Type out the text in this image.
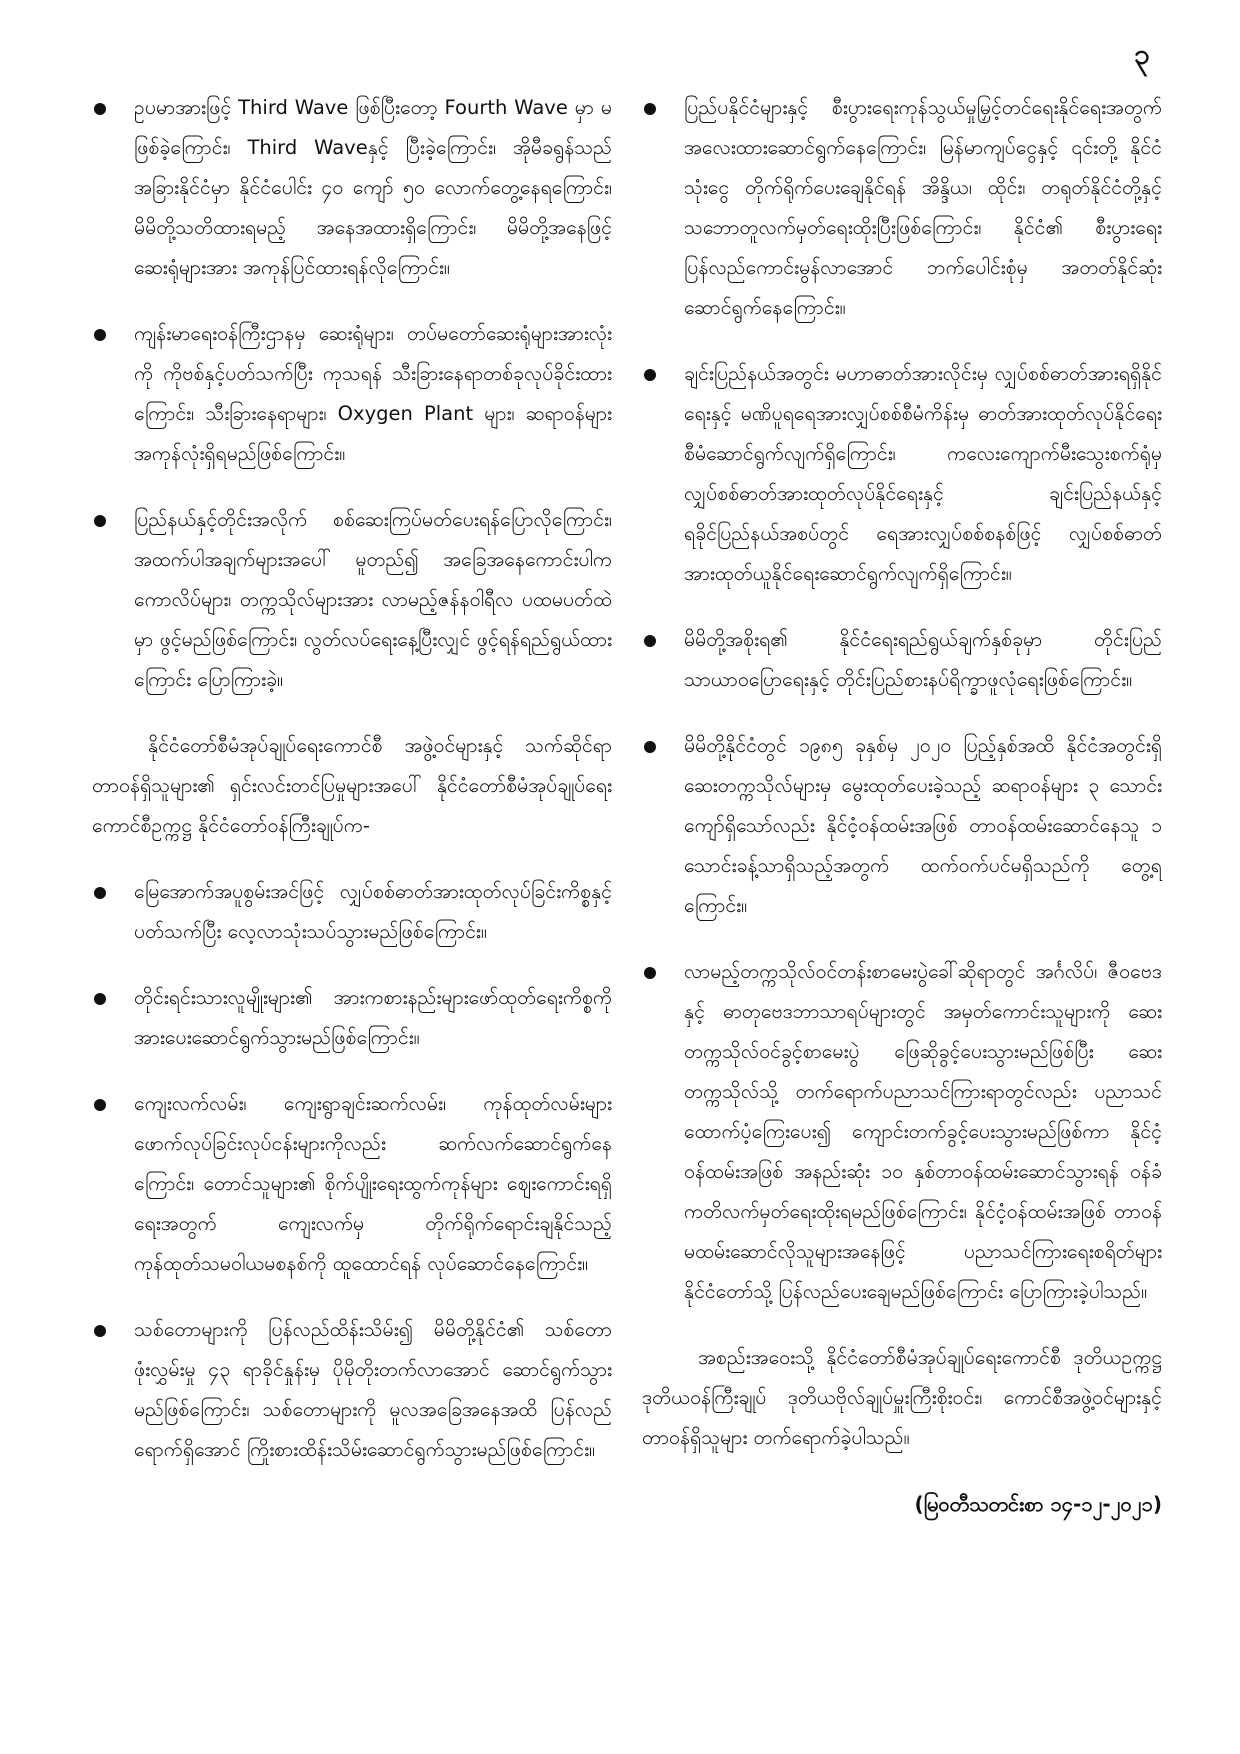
၃
ဥပမာအားဖြင့် Third Wave ဖြစ်ပြီးတော့ Fourth Wave မှာ မဖြစ်ခဲ့ကြောင်း၊ Third Waveနှင့် ပြီးခဲ့ကြောင်း၊ အိုမီခရွန်သည် အခြားနိုင်ငံမှာ နိုင်ငံပေါင်း ၄၀ ကျော် ၅၀ လောက်တွေ့နေရကြောင်း၊ မိမိတို့သတိထားရမည့် အနေအထားရှိကြောင်း၊ မိမိတို့အနေဖြင့် ဆေးရုံများအား အကုန်ပြင်ထားရန်လိုကြောင်း။
ကျန်းမာရေးဝန်ကြီးဌာနမှ ဆေးရုံများ၊ တပ်မတော်ဆေးရုံများအားလုံးကို ကိုဗစ်နှင့်ပတ်သက်ပြီး ကုသရန် သီးခြားနေရာတစ်ခုလုပ်ခိုင်းထားကြောင်း၊ သီးခြားနေရာများ၊ Oxygen Plant များ၊ ဆရာဝန်များ အကုန်လုံးရှိရမည်ဖြစ်ကြောင်း။
ပြည်နယ်နှင့်တိုင်းအလိုက် စစ်ဆေးကြပ်မတ်ပေးရန်ပြောလိုကြောင်း၊ အထက်ပါအချက်များအပေါ် မူတည်၍ အခြေအနေကောင်းပါက ကောလိပ်များ၊ တက္ကသိုလ်များအား လာမည့်ဇန်နဝါရီလ ပထမပတ်ထဲမှာ ဖွင့်မည်ဖြစ်ကြောင်း၊ လွတ်လပ်ရေးနေ့ပြီးလျှင် ဖွင့်ရန်ရည်ရွယ်ထားကြောင်း ပြောကြားခဲ့။

နိုင်ငံတော်စီမံအုပ်ချုပ်ရေးကောင်စီ အဖွဲ့ဝင်များနှင့် သက်ဆိုင်ရာတာဝန်ရှိသူများ၏ ရှင်းလင်းတင်ပြမှုများအပေါ် နိုင်ငံတော်စီမံအုပ်ချုပ်ရေးကောင်စီဥက္ကဋ္ဌ နိုင်ငံတော်ဝန်ကြီးချုပ်က-

မြေအောက်အပူစွမ်းအင်ဖြင့် လျှပ်စစ်ဓာတ်အားထုတ်လုပ်ခြင်းကိစ္စနှင့်ပတ်သက်ပြီး လေ့လာသုံးသပ်သွားမည်ဖြစ်ကြောင်း။
တိုင်းရင်းသားလူမျိုးများ၏ အားကစားနည်းများဖော်ထုတ်ရေးကိစ္စကို အားပေးဆောင်ရွက်သွားမည်ဖြစ်ကြောင်း။
ကျေးလက်လမ်း၊ ကျေးရွာချင်းဆက်လမ်း၊ ကုန်ထုတ်လမ်းများဖောက်လုပ်ခြင်းလုပ်ငန်းများကိုလည်း ဆက်လက်ဆောင်ရွက်နေကြောင်း၊ တောင်သူများ၏ စိုက်ပျိုးရေးထွက်ကုန်များ ဈေးကောင်းရရှိရေးအတွက် ကျေးလက်မှ တိုက်ရိုက်ရောင်းချနိုင်သည့် ကုန်ထုတ်သမဝါယမစနစ်ကို ထူထောင်ရန် လုပ်ဆောင်နေကြောင်း။
သစ်တောများကို ပြန်လည်ထိန်းသိမ်း၍ မိမိတို့နိုင်ငံ၏ သစ်တောဖုံးလွှမ်းမှု ၄၃ ရာခိုင်နှုန်းမှ ပိုမိုတိုးတက်လာအောင် ဆောင်ရွက်သွားမည်ဖြစ်ကြောင်း၊ သစ်တောများကို မူလအခြေအနေအထိ ပြန်လည်ရောက်ရှိအောင် ကြိုးစားထိန်းသိမ်းဆောင်ရွက်သွားမည်ဖြစ်ကြောင်း။
ပြည်ပနိုင်ငံများနှင့် စီးပွားရေးကုန်သွယ်မှုမြှင့်တင်ရေးနိုင်ရေးအတွက် အလေးထားဆောင်ရွက်နေကြောင်း၊ မြန်မာကျပ်ငွေနှင့် ၎င်းတို့ နိုင်ငံသုံးငွေ တိုက်ရိုက်ပေးချေနိုင်ရန် အိန္ဒိယ၊ ထိုင်း၊ တရုတ်နိုင်ငံတို့နှင့် သဘောတူလက်မှတ်ရေးထိုးပြီးဖြစ်ကြောင်း၊ နိုင်ငံ၏ စီးပွားရေးပြန်လည်ကောင်းမွန်လာအောင် ဘက်ပေါင်းစုံမှ အတတ်နိုင်ဆုံးဆောင်ရွက်နေကြောင်း။
ချင်းပြည်နယ်အတွင်း မဟာဓာတ်အားလိုင်းမှ လျှပ်စစ်ဓာတ်အားရရှိနိုင်ရေးနှင့် မဏိပူရရေအားလျှပ်စစ်စီမံကိန်းမှ ဓာတ်အားထုတ်လုပ်နိုင်ရေး စီမံဆောင်ရွက်လျက်ရှိကြောင်း၊ ကလေးကျောက်မီးသွေးစက်ရုံမှ လျှပ်စစ်ဓာတ်အားထုတ်လုပ်နိုင်ရေးနှင့် ချင်းပြည်နယ်နှင့် ရခိုင်ပြည်နယ်အစပ်တွင် ရေအားလျှပ်စစ်စနစ်ဖြင့် လျှပ်စစ်ဓာတ်အားထုတ်ယူနိုင်ရေးဆောင်ရွက်လျက်ရှိကြောင်း။
မိမိတို့အစိုးရ၏ နိုင်ငံရေးရည်ရွယ်ချက်နှစ်ခုမှာ တိုင်းပြည်သာယာဝပြောရေးနှင့် တိုင်းပြည်စားနပ်ရိက္ခာဖူလုံရေးဖြစ်ကြောင်း။
မိမိတို့နိုင်ငံတွင် ၁၉၈၅ ခုနှစ်မှ ၂၀၂၀ ပြည့်နှစ်အထိ နိုင်ငံအတွင်းရှိ ဆေးတက္ကသိုလ်များမှ မွေးထုတ်ပေးခဲ့သည့် ဆရာဝန်များ ၃ သောင်းကျော်ရှိသော်လည်း နိုင်ငံ့ဝန်ထမ်းအဖြစ် တာဝန်ထမ်းဆောင်နေသူ ၁ သောင်းခန့်သာရှိသည့်အတွက် ထက်ဝက်ပင်မရှိသည်ကို တွေ့ရကြောင်း။
လာမည့်တက္ကသိုလ်ဝင်တန်းစာမေးပွဲခေါ်ဆိုရာတွင် အင်္ဂလိပ်၊ ဇီဝဗေဒနှင့် ဓာတုဗေဒဘာသာရပ်များတွင် အမှတ်ကောင်းသူများကို ဆေးတက္ကသိုလ်ဝင်ခွင့်စာမေးပွဲ ဖြေဆိုခွင့်ပေးသွားမည်ဖြစ်ပြီး ဆေးတက္ကသိုလ်သို့ တက်ရောက်ပညာသင်ကြားရာတွင်လည်း ပညာသင်ထောက်ပံ့ကြေးပေး၍ ကျောင်းတက်ခွင့်ပေးသွားမည်ဖြစ်ကာ နိုင်ငံ့ဝန်ထမ်းအဖြစ် အနည်းဆုံး ၁၀ နှစ်တာဝန်ထမ်းဆောင်သွားရန် ဝန်ခံကတိလက်မှတ်ရေးထိုးရမည်ဖြစ်ကြောင်း၊ နိုင်ငံ့ဝန်ထမ်းအဖြစ် တာဝန်မထမ်းဆောင်လိုသူများအနေဖြင့် ပညာသင်ကြားရေးစရိတ်များ နိုင်ငံတော်သို့ ပြန်လည်ပေးချေမည်ဖြစ်ကြောင်း ပြောကြားခဲ့ပါသည်။

အစည်းအဝေးသို့ နိုင်ငံတော်စီမံအုပ်ချုပ်ရေးကောင်စီ ဒုတိယဥက္ကဋ္ဌ ဒုတိယဝန်ကြီးချုပ် ဒုတိယဗိုလ်ချုပ်မှူးကြီးစိုးဝင်း၊ ကောင်စီအဖွဲ့ဝင်များနှင့် တာဝန်ရှိသူများ တက်ရောက်ခဲ့ပါသည်။

(မြဝတီသတင်းစာ ၁၄-၁၂-၂၀၂၁)
